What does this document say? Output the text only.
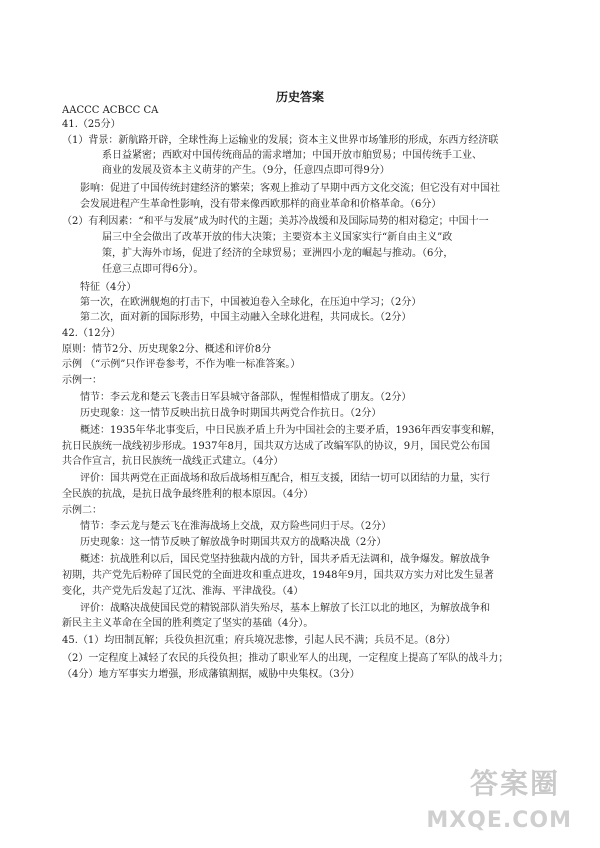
历史答案
AACCC ACBCC CA
41.（25分）
（1）背景：新航路开辟，全球性海上运输业的发展；资本主义世界市场雏形的形成，东西方经济联
系日益紧密；西欧对中国传统商品的需求增加；中国开放市舶贸易；中国传统手工业、
商业的发展及资本主义萌芽的产生。（9分，任意四点即可得9分）
影响：促进了中国传统封建经济的繁荣；客观上推动了早期中西方文化交流；但它没有对中国社
会发展进程产生革命性影响，没有带来像西欧那样的商业革命和价格革命。（6分）
（2）有利因素：“和平与发展”成为时代的主题；美苏冷战缓和及国际局势的相对稳定；中国十一
届三中全会做出了改革开放的伟大决策；主要资本主义国家实行“新自由主义”政
策，扩大海外市场，促进了经济的全球贸易；亚洲四小龙的崛起与推动。（6分，
任意三点即可得6分）。
特征（4分）
第一次，在欧洲舰炮的打击下，中国被迫卷入全球化，在压迫中学习；（2分）
第二次，面对新的国际形势，中国主动融入全球化进程，共同成长。（2分）
42.（12分）
原则：情节2分、历史现象2分、概述和评价8分
示例 （“示例”只作评卷参考，不作为唯一标准答案。）
示例一：
情节：李云龙和楚云飞袭击日军县城守备部队，惺惺相惜成了朋友。（2分）
历史现象：这一情节反映出抗日战争时期国共两党合作抗日。（2分）
概述：1935年华北事变后，中日民族矛盾上升为中国社会的主要矛盾，1936年西安事变和解，
抗日民族统一战线初步形成。1937年8月，国共双方达成了改编军队的协议，9月，国民党公布国
共合作宣言，抗日民族统一战线正式建立。（4分）
评价：国共两党在正面战场和敌后战场相互配合，相互支援，团结一切可以团结的力量，实行
全民族的抗战，是抗日战争最终胜利的根本原因。（4分）
示例二：
情节：李云龙与楚云飞在淮海战场上交战，双方险些同归于尽。（2分）
历史现象：这一情节反映了解放战争时期国共双方的战略决战（2分）
概述：抗战胜利以后，国民党坚持独裁内战的方针，国共矛盾无法调和，战争爆发。解放战争
初期，共产党先后粉碎了国民党的全面进攻和重点进攻，1948年9月，国共双方实力对比发生显著
变化，共产党先后发起了辽沈、淮海、平津战役。（4）
评价：战略决战使国民党的精锐部队消失殆尽，基本上解放了长江以北的地区，为解放战争和
新民主主义革命在全国的胜利奠定了坚实的基础（4分）。
45.（1）均田制瓦解；兵役负担沉重；府兵境况悲惨，引起人民不满；兵员不足。（8分）
（2）一定程度上减轻了农民的兵役负担；推动了职业军人的出现，一定程度上提高了军队的战斗力；
（4分）地方军事实力增强，形成藩镇割据，威胁中央集权。（3分）
答案圈
MXQE.COM
